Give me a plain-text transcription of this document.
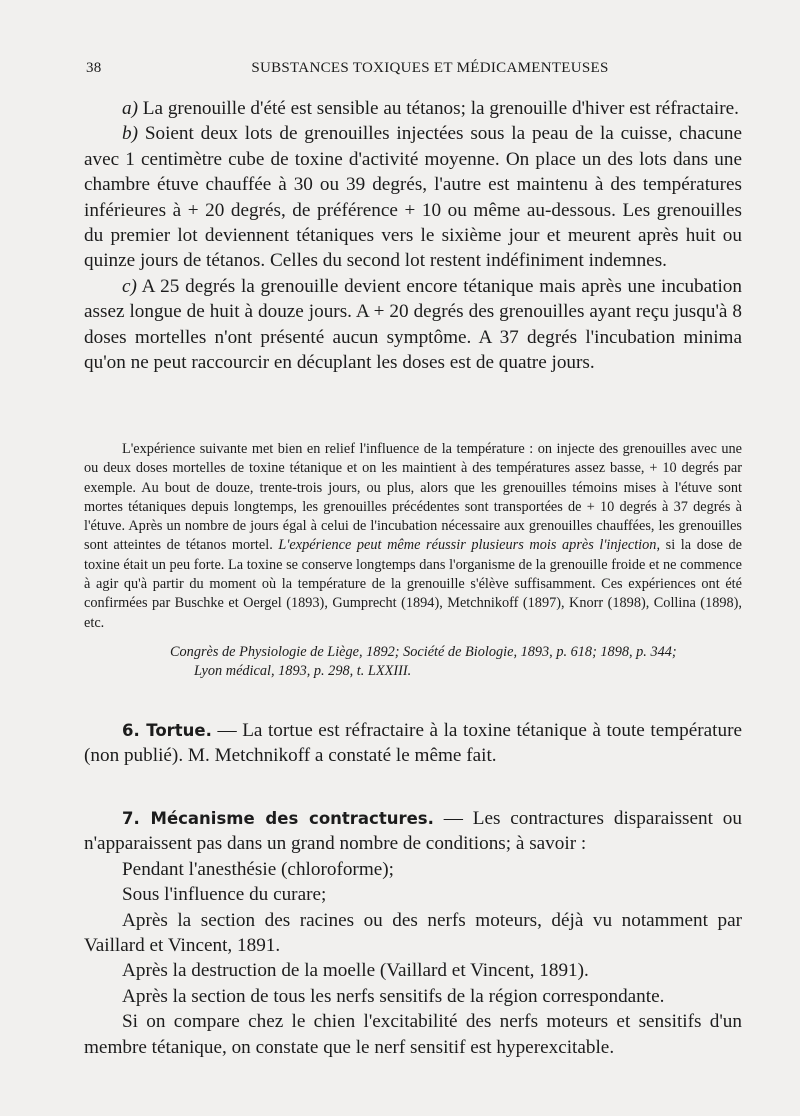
38	SUBSTANCES TOXIQUES ET MÉDICAMENTEUSES

a) La grenouille d'été est sensible au tétanos; la grenouille d'hiver est réfractaire.

b) Soient deux lots de grenouilles injectées sous la peau de la cuisse, chacune avec 1 centimètre cube de toxine d'activité moyenne. On place un des lots dans une chambre étuve chauffée à 30 ou 39 degrés, l'autre est maintenu à des températures inférieures à + 20 degrés, de préférence + 10 ou même au-dessous. Les grenouilles du premier lot deviennent tétaniques vers le sixième jour et meurent après huit ou quinze jours de tétanos. Celles du second lot restent indéfiniment indemnes.

c) A 25 degrés la grenouille devient encore tétanique mais après une incubation assez longue de huit à douze jours. A + 20 degrés des grenouilles ayant reçu jusqu'à 8 doses mortelles n'ont présenté aucun symptôme. A 37 degrés l'incubation minima qu'on ne peut raccourcir en décuplant les doses est de quatre jours.

L'expérience suivante met bien en relief l'influence de la température : on injecte des grenouilles avec une ou deux doses mortelles de toxine tétanique et on les maintient à des températures assez basse, + 10 degrés par exemple. Au bout de douze, trente-trois jours, ou plus, alors que les grenouilles témoins mises à l'étuve sont mortes tétaniques depuis longtemps, les grenouilles précédentes sont transportées de + 10 degrés à 37 degrés à l'étuve. Après un nombre de jours égal à celui de l'incubation nécessaire aux grenouilles chauffées, les grenouilles sont atteintes de tétanos mortel. L'expérience peut même réussir plusieurs mois après l'injection, si la dose de toxine était un peu forte. La toxine se conserve longtemps dans l'organisme de la grenouille froide et ne commence à agir qu'à partir du moment où la température de la grenouille s'élève suffisamment. Ces expériences ont été confirmées par Buschke et Oergel (1893), Gumprecht (1894), Metchnikoff (1897), Knorr (1898), Collina (1898), etc.

Congrès de Physiologie de Liège, 1892; Société de Biologie, 1893, p. 618; 1898, p. 344;

Lyon médical, 1893, p. 298, t. LXXIII.

6. Tortue. — La tortue est réfractaire à la toxine tétanique à toute température (non publié). M. Metchnikoff a constaté le même fait.

7. Mécanisme des contractures. — Les contractures disparaissent ou n'apparaissent pas dans un grand nombre de conditions; à savoir :

Pendant l'anesthésie (chloroforme);

Sous l'influence du curare;

Après la section des racines ou des nerfs moteurs, déjà vu notamment par Vaillard et Vincent, 1891.

Après la destruction de la moelle (Vaillard et Vincent, 1891).

Après la section de tous les nerfs sensitifs de la région correspondante.

Si on compare chez le chien l'excitabilité des nerfs moteurs et sensitifs d'un membre tétanique, on constate que le nerf sensitif est hyperexcitable.
